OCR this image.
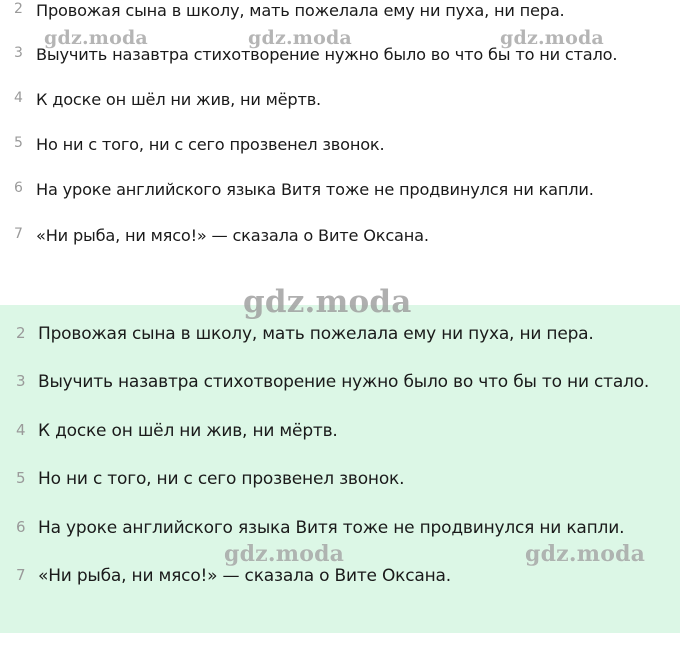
2 Провожая сына в школу, мать пожелала ему ни пуха, ни пера.
3 Выучить назавтра стихотворение нужно было во что бы то ни стало.
4 К доске он шёл ни жив, ни мёртв.
5 Но ни с того, ни с сего прозвенел звонок.
6 На уроке английского языка Витя тоже не продвинулся ни капли.
7 «Ни рыба, ни мясо!» — сказала о Вите Оксана.
2 Провожая сына в школу, мать пожелала ему ни пуха, ни пера.
3 Выучить назавтра стихотворение нужно было во что бы то ни стало.
4 К доске он шёл ни жив, ни мёртв.
5 Но ни с того, ни с сего прозвенел звонок.
6 На уроке английского языка Витя тоже не продвинулся ни капли.
7 «Ни рыба, ни мясо!» — сказала о Вите Оксана.
gdz.moda	gdz.moda	gdz.moda
gdz.moda
gdz.moda	gdz.moda
